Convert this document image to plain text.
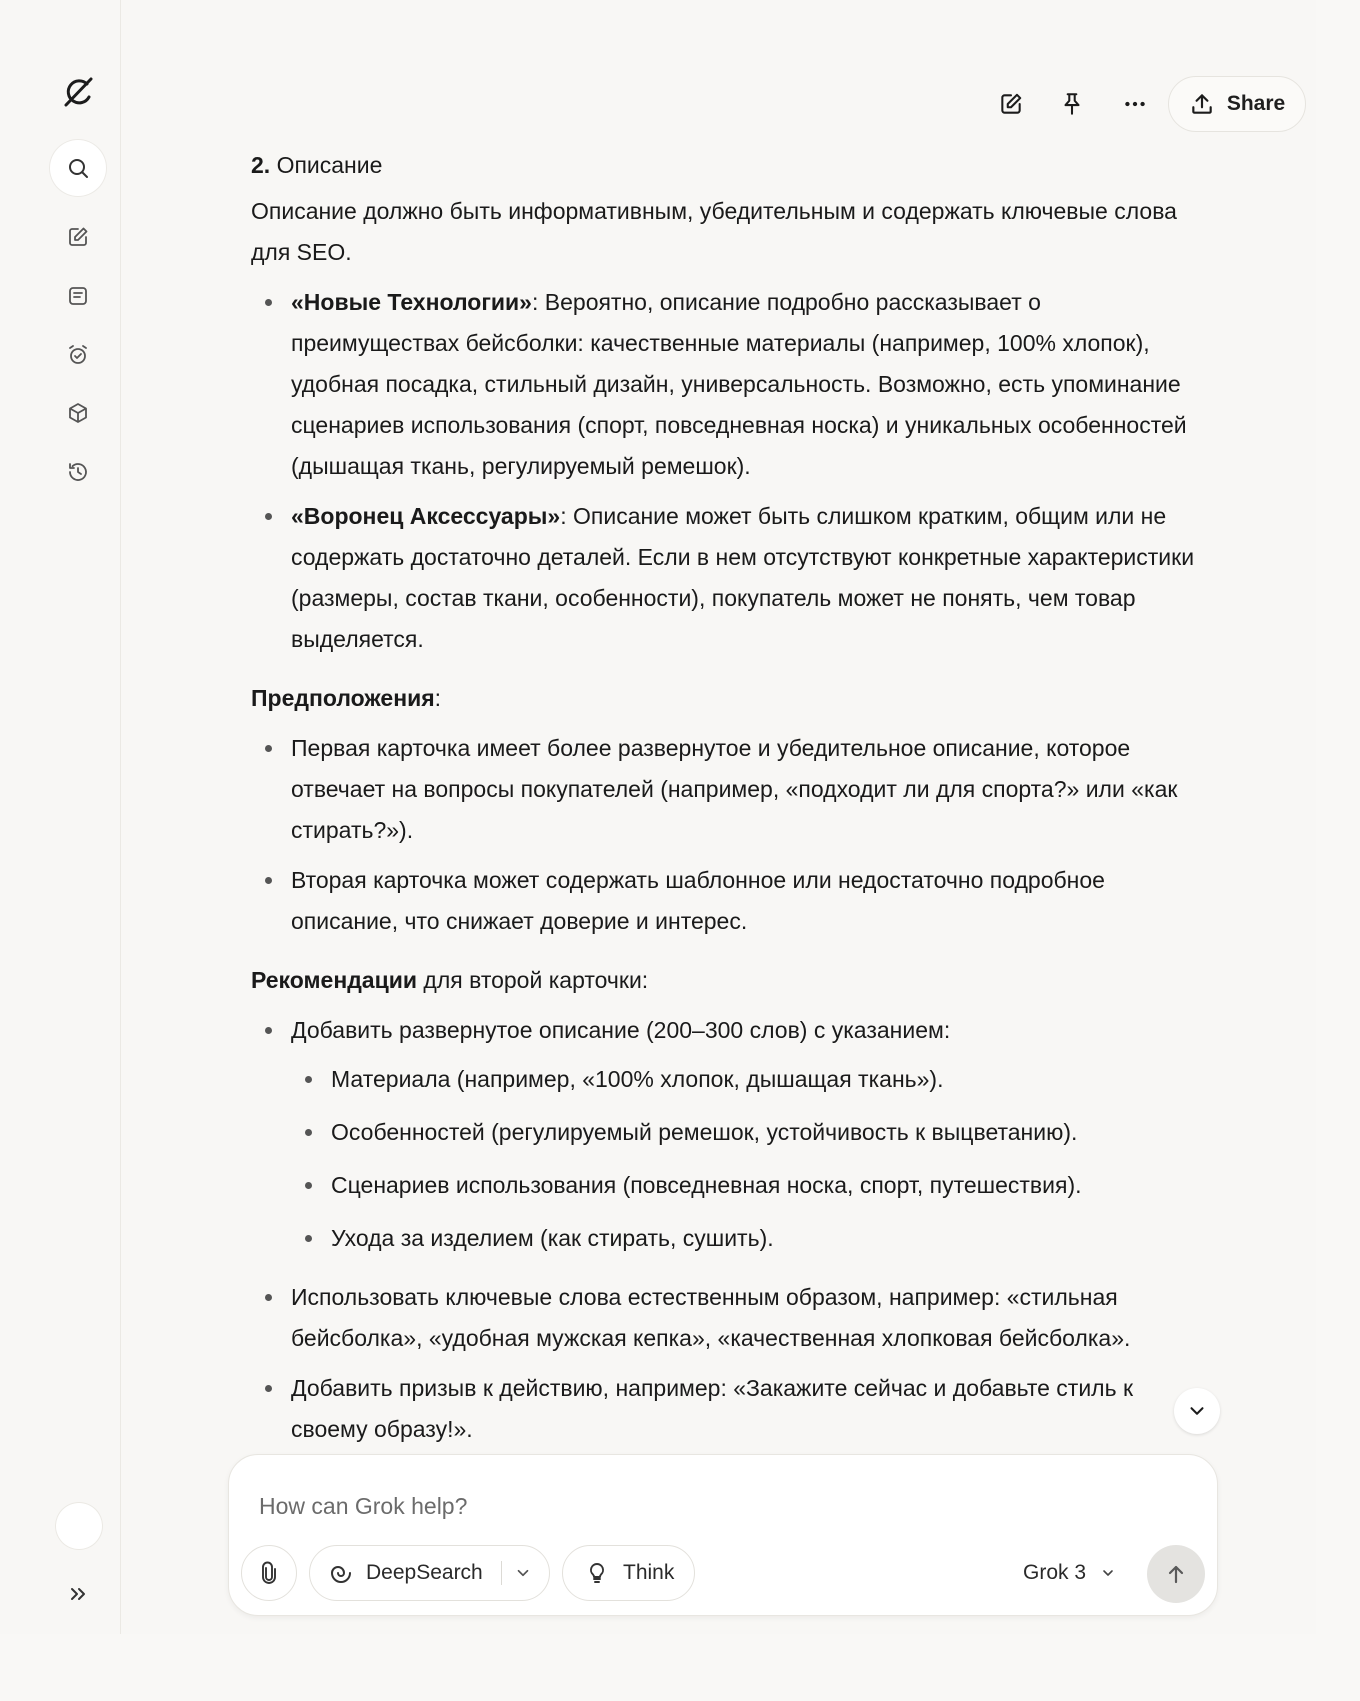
Share

2. Описание

Описание должно быть информативным, убедительным и содержать ключевые слова для SEO.

«Новые Технологии»: Вероятно, описание подробно рассказывает о преимуществах бейсболки: качественные материалы (например, 100% хлопок), удобная посадка, стильный дизайн, универсальность. Возможно, есть упоминание сценариев использования (спорт, повседневная носка) и уникальных особенностей (дышащая ткань, регулируемый ремешок).
«Воронец Аксессуары»: Описание может быть слишком кратким, общим или не содержать достаточно деталей. Если в нем отсутствуют конкретные характеристики (размеры, состав ткани, особенности), покупатель может не понять, чем товар выделяется.

Предположения:

Первая карточка имеет более развернутое и убедительное описание, которое отвечает на вопросы покупателей (например, «подходит ли для спорта?» или «как стирать?»).
Вторая карточка может содержать шаблонное или недостаточно подробное описание, что снижает доверие и интерес.

Рекомендации для второй карточки:

Добавить развернутое описание (200–300 слов) с указанием:
Материала (например, «100% хлопок, дышащая ткань»).
Особенностей (регулируемый ремешок, устойчивость к выцветанию).
Сценариев использования (повседневная носка, спорт, путешествия).
Ухода за изделием (как стирать, сушить).
Использовать ключевые слова естественным образом, например: «стильная бейсболка», «удобная мужская кепка», «качественная хлопковая бейсболка».
Добавить призыв к действию, например: «Закажите сейчас и добавьте стиль к своему образу!».
How can Grok help?
DeepSearch	Think	Grok 3
